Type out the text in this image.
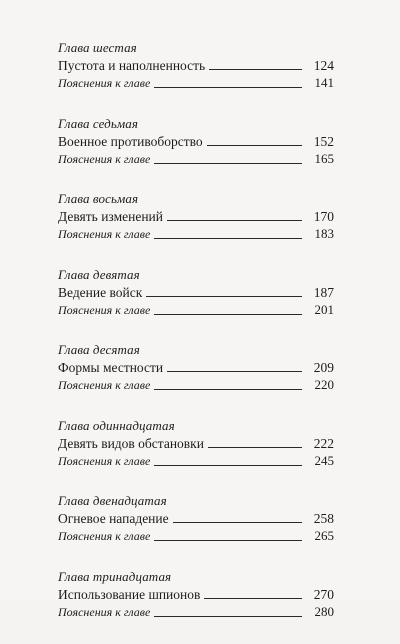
Глава шестая
Пустота и наполненность	124
Пояснения к главе	141
Глава седьмая
Военное противоборство	152
Пояснения к главе	165
Глава восьмая
Девять изменений	170
Пояснения к главе	183
Глава девятая
Ведение войск	187
Пояснения к главе	201
Глава десятая
Формы местности	209
Пояснения к главе	220
Глава одиннадцатая
Девять видов обстановки	222
Пояснения к главе	245
Глава двенадцатая
Огневое нападение	258
Пояснения к главе	265
Глава тринадцатая
Использование шпионов	270
Пояснения к главе	280
